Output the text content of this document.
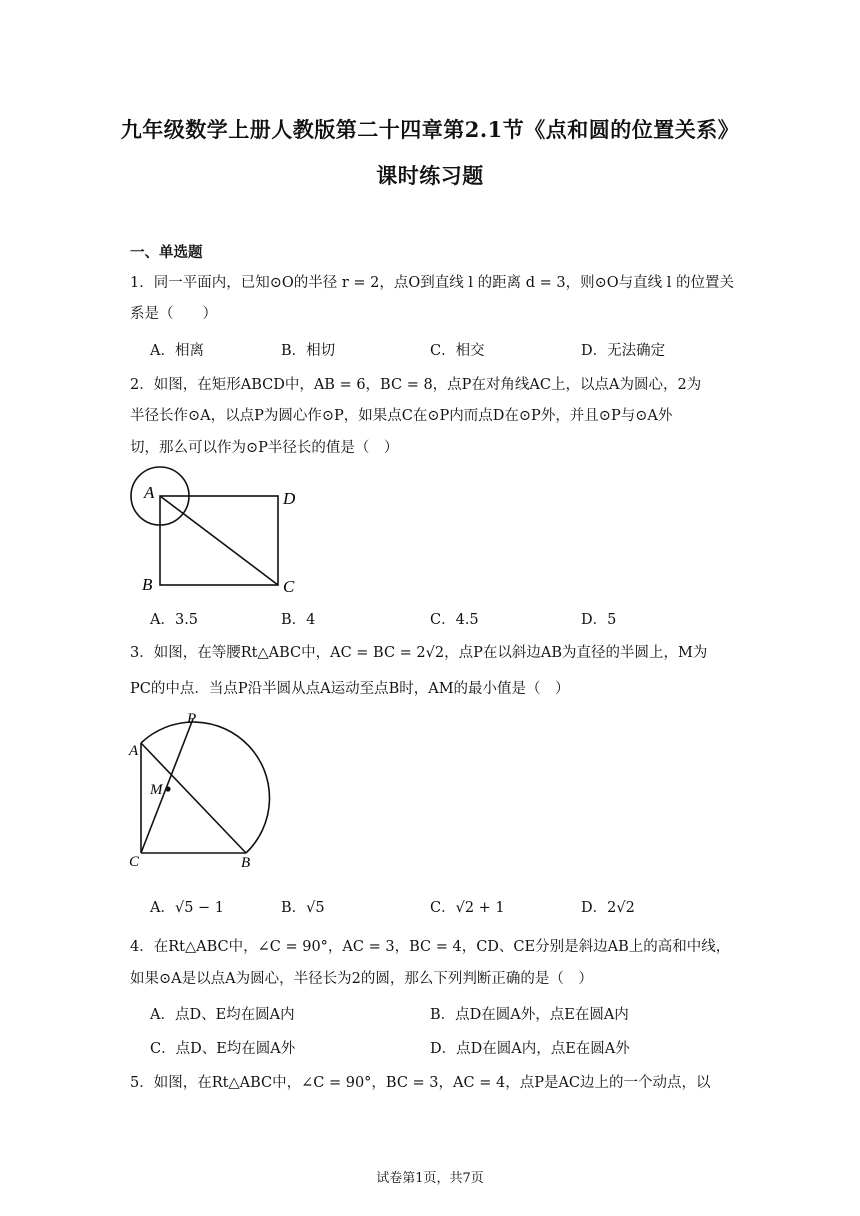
九年级数学上册人教版第二十四章第2.1节《点和圆的位置关系》
课时练习题
一、单选题
1．同一平面内，已知⊙O的半径 r = 2，点O到直线 l 的距离 d = 3，则⊙O与直线 l 的位置关
系是（　　）
A．相离	B．相切	C．相交	D．无法确定
2．如图，在矩形ABCD中，AB = 6，BC = 8，点P在对角线AC上，以点A为圆心，2为
半径长作⊙A，以点P为圆心作⊙P，如果点C在⊙P内而点D在⊙P外，并且⊙P与⊙A外
切，那么可以作为⊙P半径长的值是（　）
A
B	C
D
A．3.5	B．4	C．4.5	D．5
3．如图，在等腰Rt△ABC中，AC = BC = 2√2，点P在以斜边AB为直径的半圆上，M为
PC的中点．当点P沿半圆从点A运动至点B时，AM的最小值是（　）
P
A
M
C	B
A．√5 − 1	B．√5	C．√2 + 1	D．2√2
4．在Rt△ABC中，∠C = 90°，AC = 3，BC = 4，CD、CE分别是斜边AB上的高和中线，
如果⊙A是以点A为圆心，半径长为2的圆，那么下列判断正确的是（　）
A．点D、E均在圆A内	B．点D在圆A外，点E在圆A内
C．点D、E均在圆A外	D．点D在圆A内，点E在圆A外
5．如图，在Rt△ABC中，∠C = 90°，BC = 3，AC = 4，点P是AC边上的一个动点，以
试卷第1页，共7页
